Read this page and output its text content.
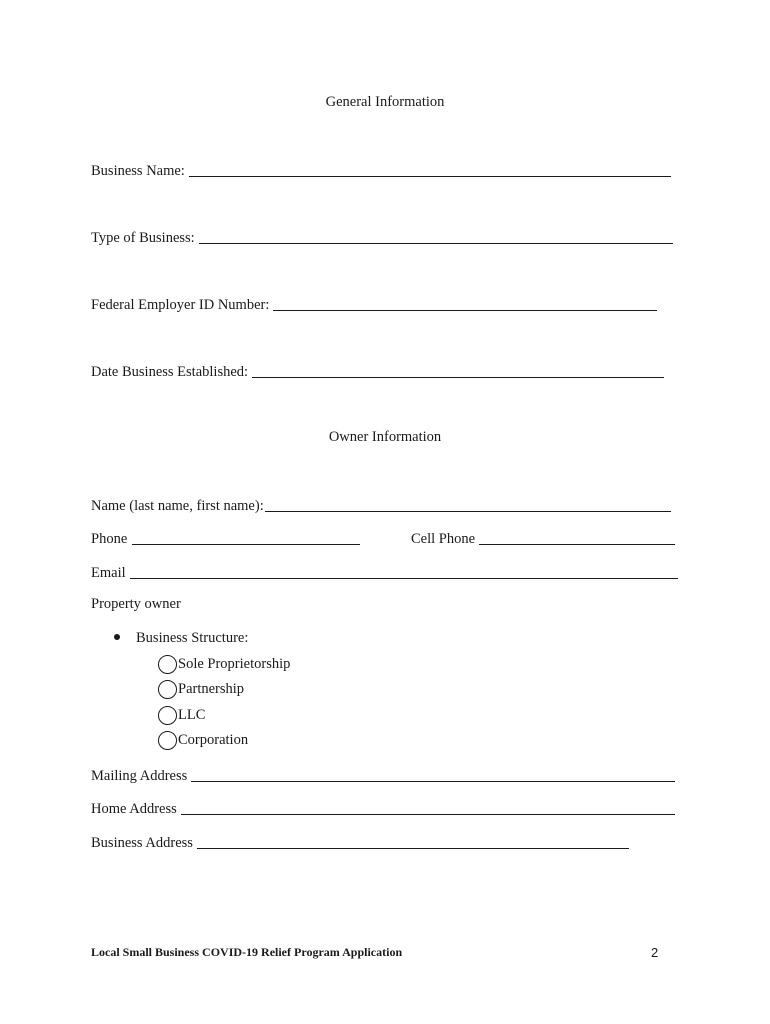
General Information
Business Name:
Type of Business:
Federal Employer ID Number:
Date Business Established:
Owner Information
Name (last name, first name):
Phone	Cell Phone
Email
Property owner
Business Structure:
Sole Proprietorship
Partnership
LLC
Corporation
Mailing Address
Home Address
Business Address
Local Small Business COVID-19 Relief Program Application	2
